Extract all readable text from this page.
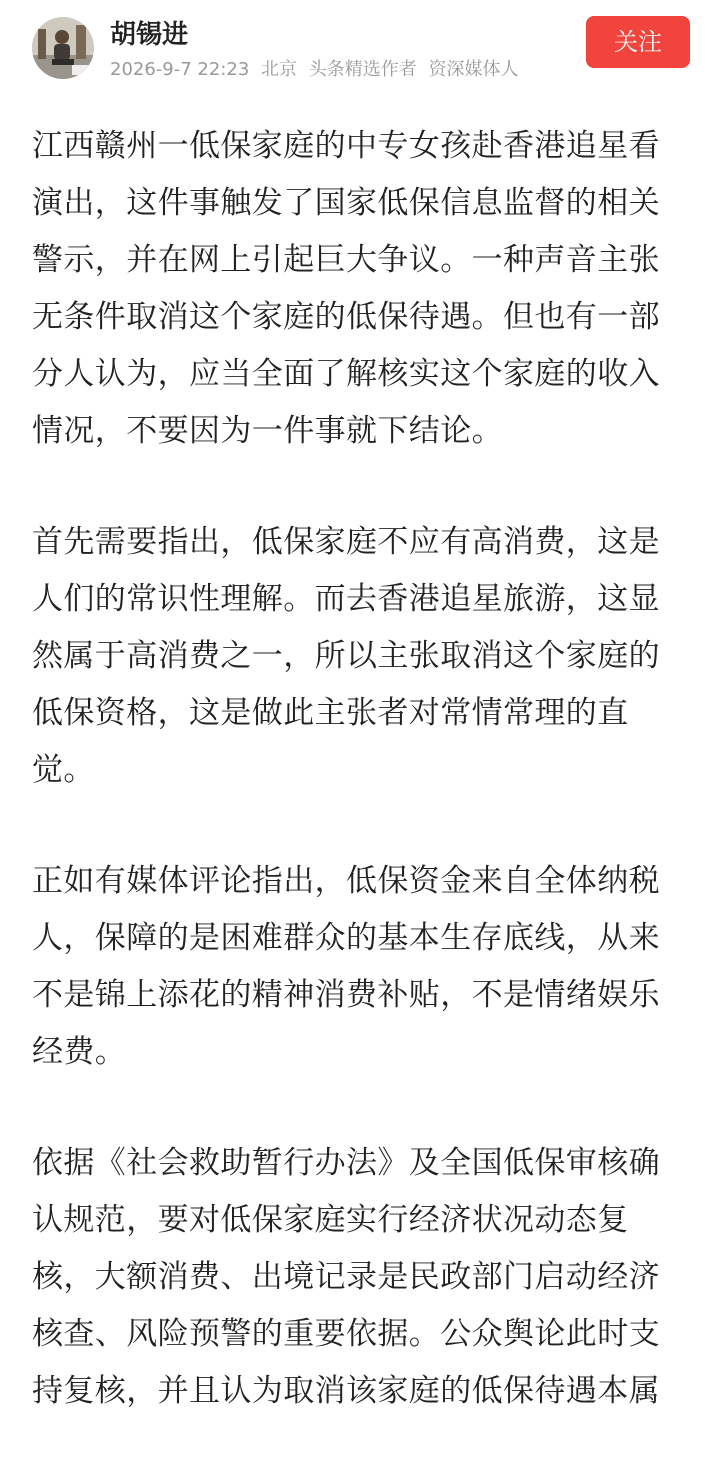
胡锡进
2026-9-7 22:23 北京 头条精选作者 资深媒体人
关注

江西赣州一低保家庭的中专女孩赴香港追星看演出，这件事触发了国家低保信息监督的相关警示，并在网上引起巨大争议。一种声音主张无条件取消这个家庭的低保待遇。但也有一部分人认为，应当全面了解核实这个家庭的收入情况，不要因为一件事就下结论。

首先需要指出，低保家庭不应有高消费，这是人们的常识性理解。而去香港追星旅游，这显然属于高消费之一，所以主张取消这个家庭的低保资格，这是做此主张者对常情常理的直觉。

正如有媒体评论指出，低保资金来自全体纳税人，保障的是困难群众的基本生存底线，从来不是锦上添花的精神消费补贴，不是情绪娱乐经费。

依据《社会救助暂行办法》及全国低保审核确认规范，要对低保家庭实行经济状况动态复核，大额消费、出境记录是民政部门启动经济核查、风险预警的重要依据。公众舆论此时支持复核，并且认为取消该家庭的低保待遇本属
